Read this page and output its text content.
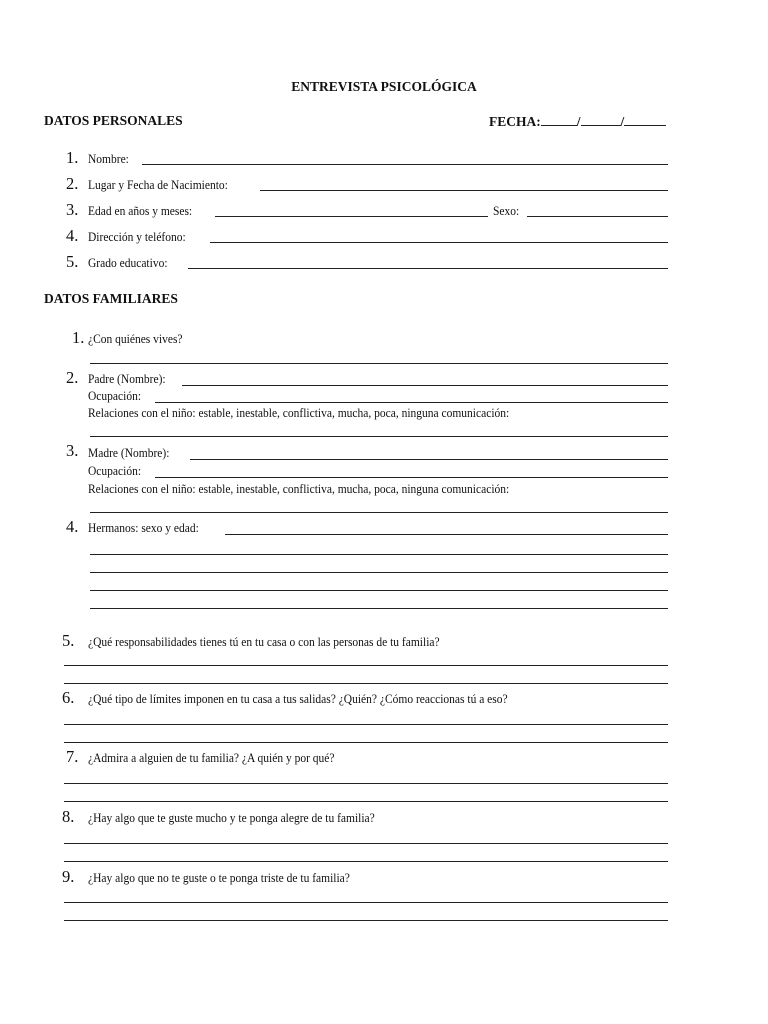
ENTREVISTA PSICOLÓGICA
DATOS PERSONALES	FECHA:	/	/
1. Nombre:
2. Lugar y Fecha de Nacimiento:
3. Edad en años y meses:	Sexo:
4. Dirección y teléfono:
5. Grado educativo:
DATOS FAMILIARES
1. ¿Con quiénes vives?
2. Padre (Nombre):
Ocupación:
Relaciones con el niño: estable, inestable, conflictiva, mucha, poca, ninguna comunicación:
3. Madre (Nombre):
Ocupación:
Relaciones con el niño: estable, inestable, conflictiva, mucha, poca, ninguna comunicación:
4. Hermanos: sexo y edad:
5. ¿Qué responsabilidades tienes tú en tu casa o con las personas de tu familia?
6. ¿Qué tipo de límites imponen en tu casa a tus salidas? ¿Quién? ¿Cómo reaccionas tú a eso?
7. ¿Admira a alguien de tu familia? ¿A quién y por qué?
8. ¿Hay algo que te guste mucho y te ponga alegre de tu familia?
9. ¿Hay algo que no te guste o te ponga triste de tu familia?
